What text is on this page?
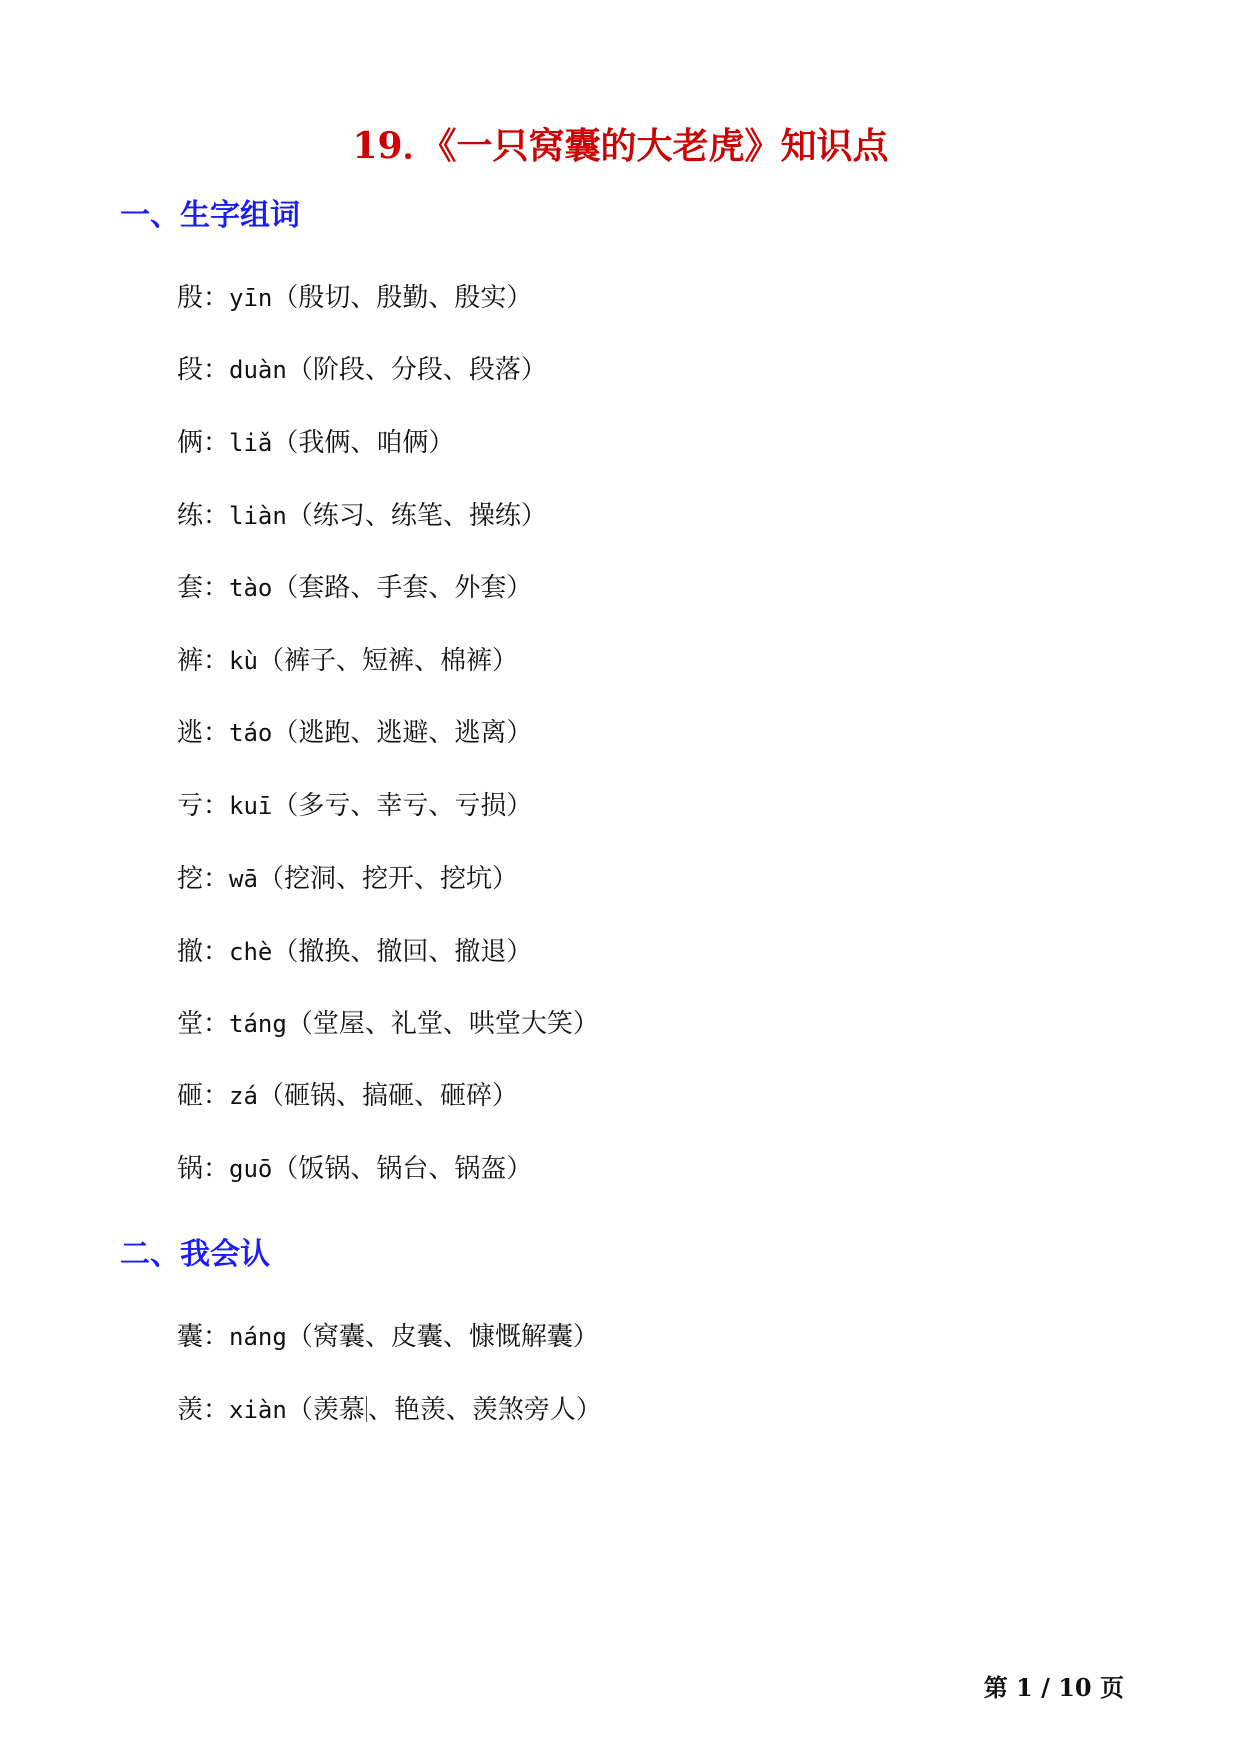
19．《一只窝囊的大老虎》知识点
一、生字组词
殷：yīn（殷切、殷勤、殷实）
段：duàn（阶段、分段、段落）
俩：liǎ（我俩、咱俩）
练：liàn（练习、练笔、操练）
套：tào（套路、手套、外套）
裤：kù（裤子、短裤、棉裤）
逃：táo（逃跑、逃避、逃离）
亏：kuī（多亏、幸亏、亏损）
挖：wā（挖洞、挖开、挖坑）
撤：chè（撤换、撤回、撤退）
堂：táng（堂屋、礼堂、哄堂大笑）
砸：zá（砸锅、搞砸、砸碎）
锅：guō（饭锅、锅台、锅盔）
二、我会认
囊：náng（窝囊、皮囊、慷慨解囊）
羡：xiàn（羡慕 、艳羡、羡煞旁人）
第 1 / 10 页
